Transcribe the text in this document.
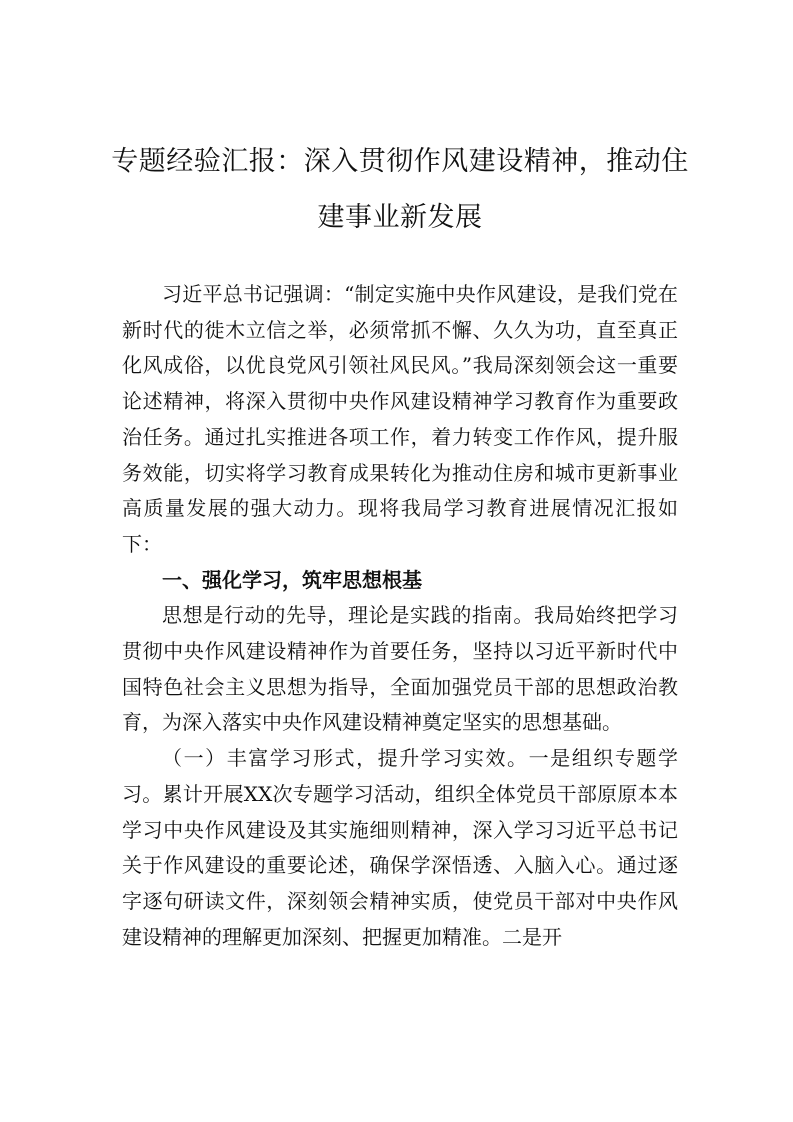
专题经验汇报：深入贯彻作风建设精神，推动住建事业新发展

习近平总书记强调：“制定实施中央作风建设，是我们党在新时代的徙木立信之举，必须常抓不懈、久久为功，直至真正化风成俗，以优良党风引领社风民风。”我局深刻领会这一重要论述精神，将深入贯彻中央作风建设精神学习教育作为重要政治任务。通过扎实推进各项工作，着力转变工作作风，提升服务效能，切实将学习教育成果转化为推动住房和城市更新事业高质量发展的强大动力。现将我局学习教育进展情况汇报如下：

一、强化学习，筑牢思想根基

思想是行动的先导，理论是实践的指南。我局始终把学习贯彻中央作风建设精神作为首要任务，坚持以习近平新时代中国特色社会主义思想为指导，全面加强党员干部的思想政治教育，为深入落实中央作风建设精神奠定坚实的思想基础。

（一）丰富学习形式，提升学习实效。一是组织专题学习。累计开展XX次专题学习活动，组织全体党员干部原原本本学习中央作风建设及其实施细则精神，深入学习习近平总书记关于作风建设的重要论述，确保学深悟透、入脑入心。通过逐字逐句研读文件，深刻领会精神实质，使党员干部对中央作风建设精神的理解更加深刻、把握更加精准。二是开
